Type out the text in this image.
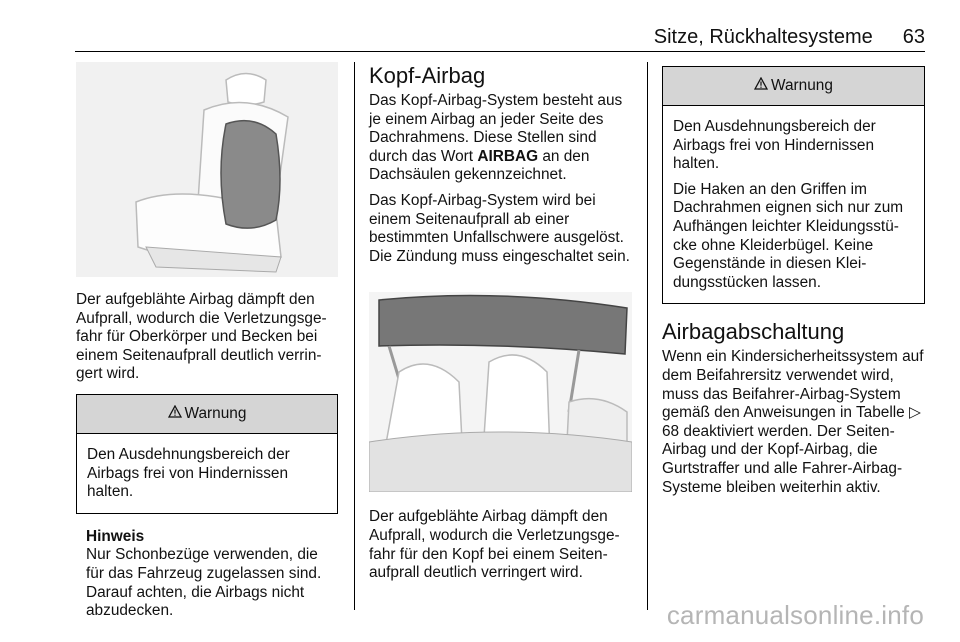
Sitze, Rückhaltesysteme 63

Der aufgeblähte Airbag dämpft den Aufprall, wodurch die Verletzungsgefahr für Oberkörper und Becken bei einem Seitenaufprall deutlich verringert wird.

Warnung

Den Ausdehnungsbereich der Airbags frei von Hindernissen halten.

Hinweis
Nur Schonbezüge verwenden, die für das Fahrzeug zugelassen sind. Darauf achten, die Airbags nicht abzudecken.
Kopf-Airbag

Das Kopf-Airbag-System besteht aus je einem Airbag an jeder Seite des Dachrahmens. Diese Stellen sind durch das Wort AIRBAG an den Dachsäulen gekennzeichnet.

Das Kopf-Airbag-System wird bei einem Seitenaufprall ab einer bestimmten Unfallschwere ausgelöst. Die Zündung muss eingeschaltet sein.

Der aufgeblähte Airbag dämpft den Aufprall, wodurch die Verletzungsgefahr für den Kopf bei einem Seitenaufprall deutlich verringert wird.

Warnung

Den Ausdehnungsbereich der Airbags frei von Hindernissen halten.

Die Haken an den Griffen im Dachrahmen eignen sich nur zum Aufhängen leichter Kleidungsstücke ohne Kleiderbügel. Keine Gegenstände in diesen Kleidungsstücken lassen.

Airbagabschaltung

Wenn ein Kindersicherheitssystem auf dem Beifahrersitz verwendet wird, muss das Beifahrer-Airbag-System gemäß den Anweisungen in Tabelle ▷ 68 deaktiviert werden. Der Seiten-Airbag und der Kopf-Airbag, die Gurtstraffer und alle Fahrer-Airbag-Systeme bleiben weiterhin aktiv.

carmanualsonline.info
